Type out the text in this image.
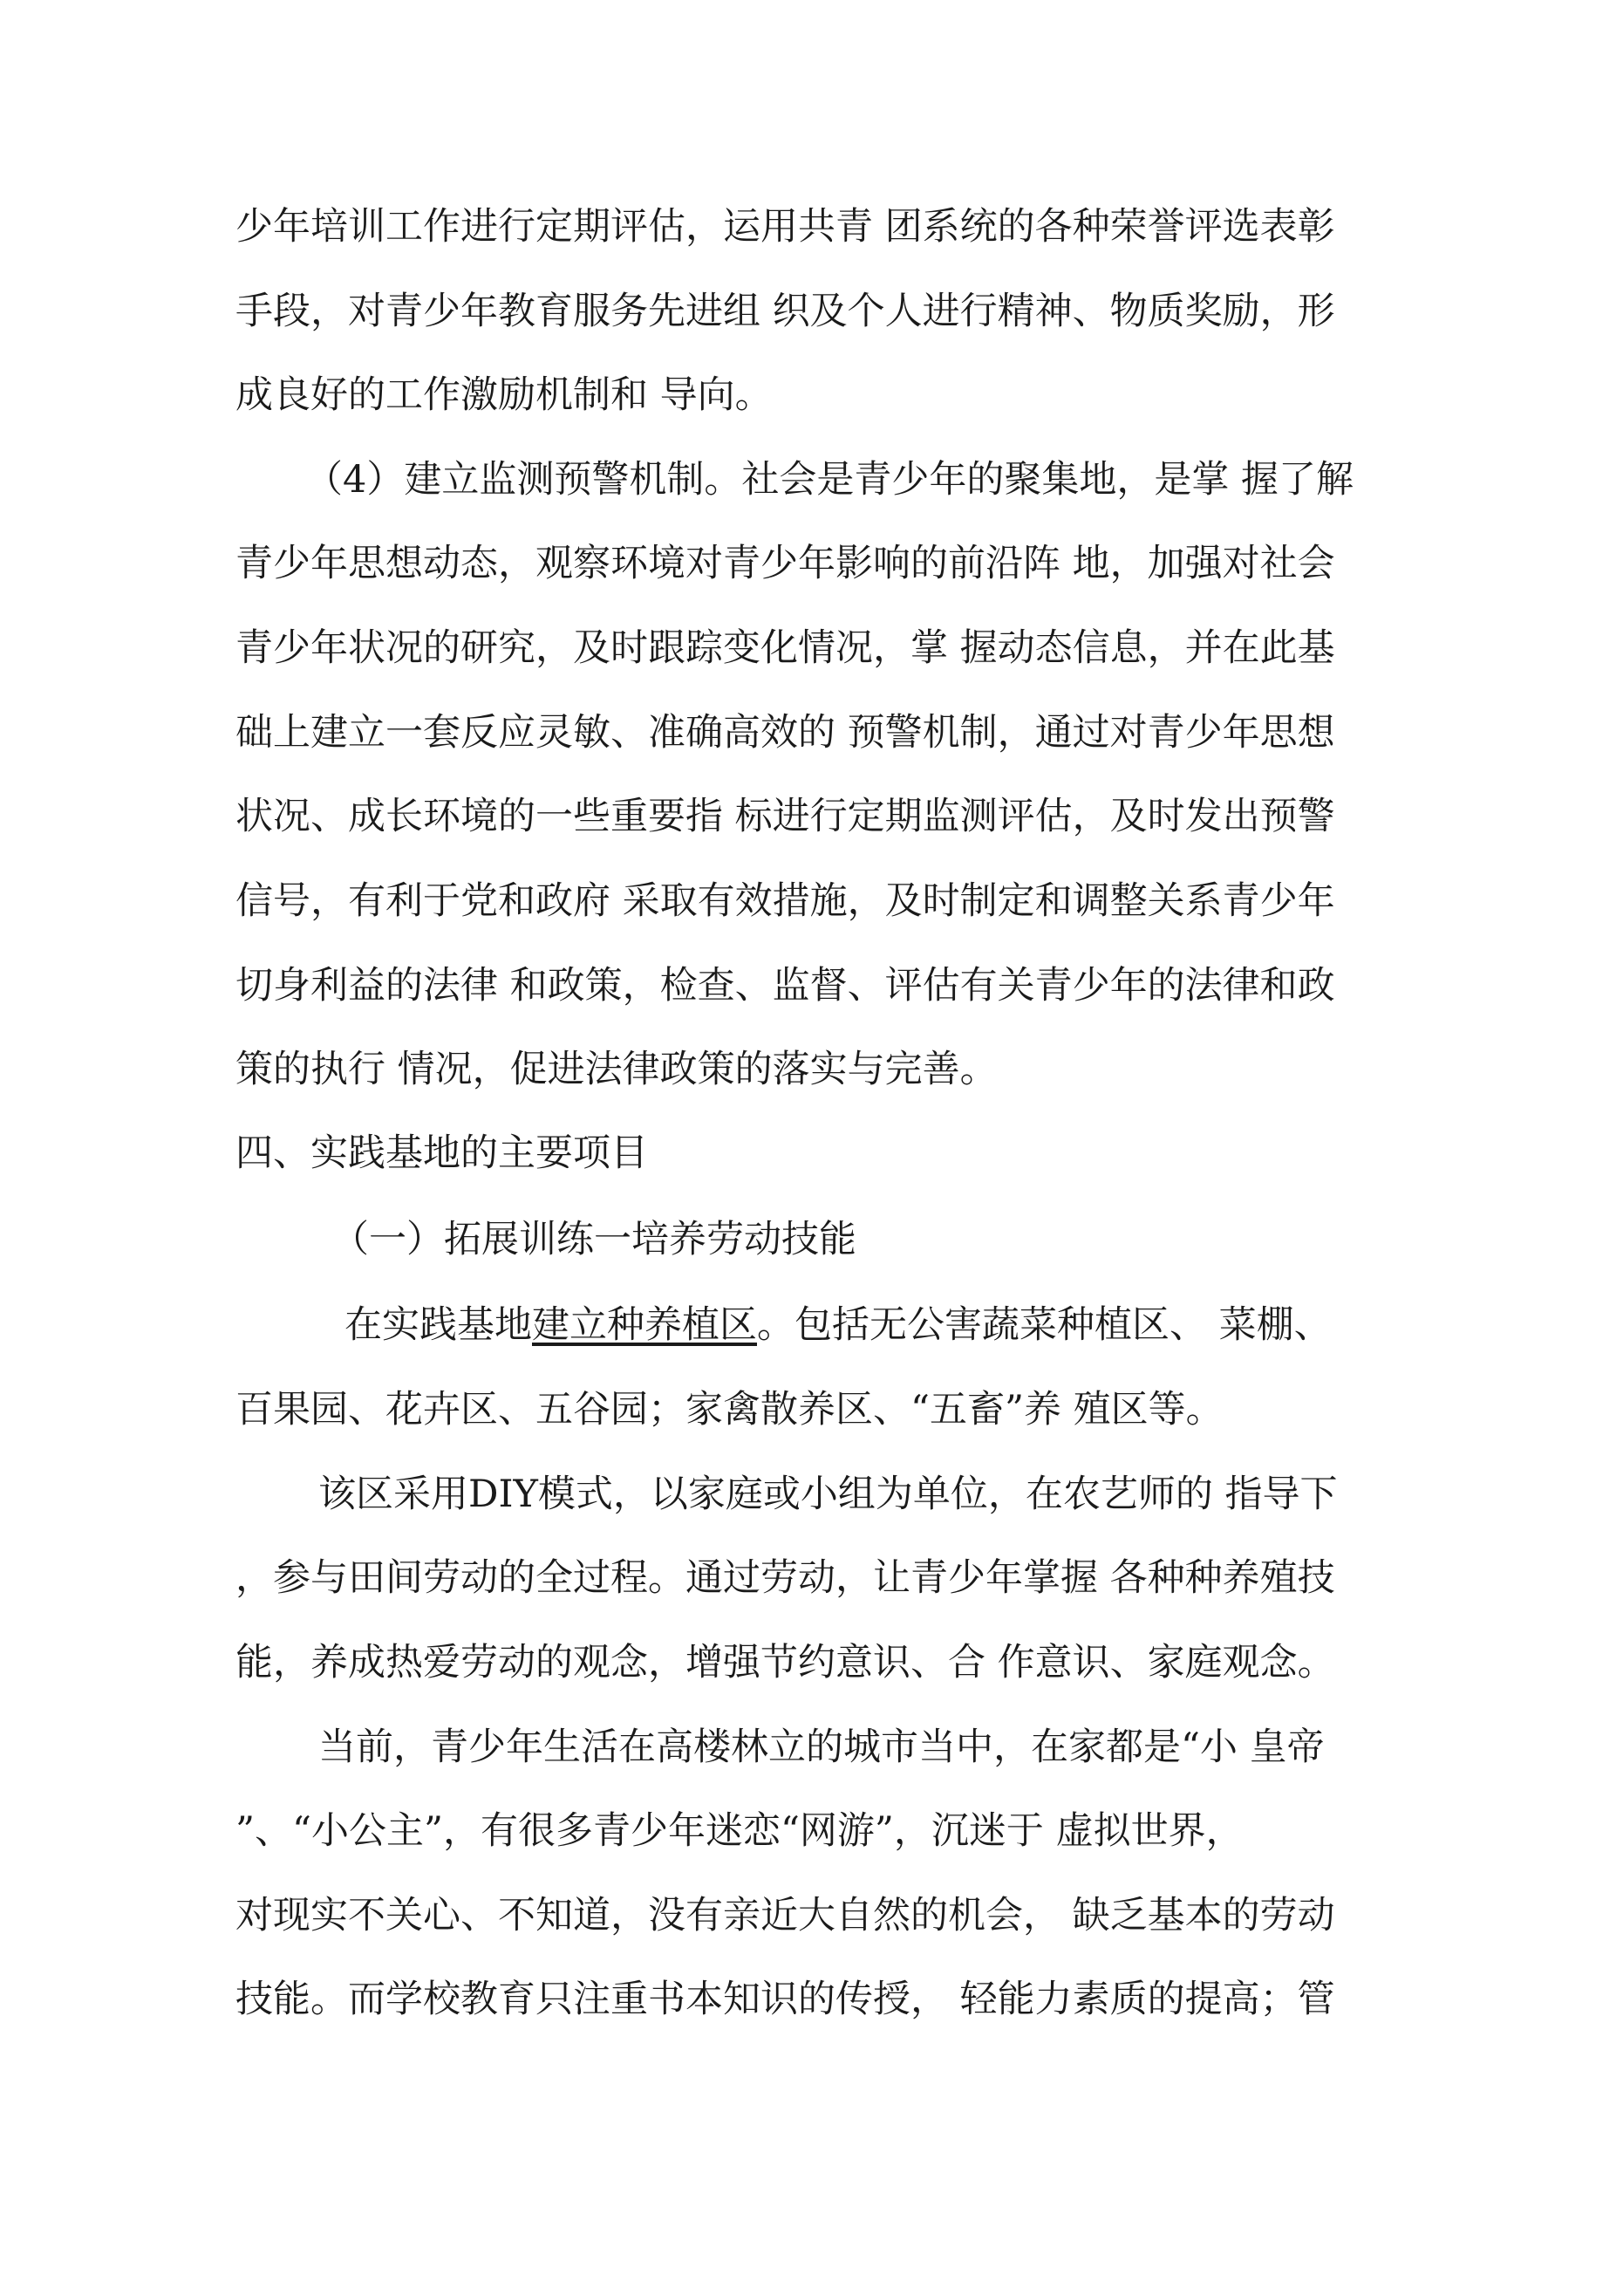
少年培训工作进行定期评估，运用共青 团系统的各种荣誉评选表彰

手段，对青少年教育服务先进组 织及个人进行精神、物质奖励，形

成良好的工作激励机制和 导向。

（4）建立监测预警机制。社会是青少年的聚集地，是掌 握了解

青少年思想动态，观察环境对青少年影响的前沿阵 地，加强对社会

青少年状况的研究，及时跟踪变化情况，掌 握动态信息，并在此基

础上建立一套反应灵敏、准确高效的 预警机制，通过对青少年思想

状况、成长环境的一些重要指 标进行定期监测评估，及时发出预警

信号，有利于党和政府 采取有效措施，及时制定和调整关系青少年

切身利益的法律 和政策，检查、监督、评估有关青少年的法律和政

策的执行 情况，促进法律政策的落实与完善。

四、实践基地的主要项目

（一）拓展训练一培养劳动技能

在实践基地建立种养植区。包括无公害蔬菜种植区、 菜棚、

百果园、花卉区、五谷园；家禽散养区、“五畜”养 殖区等。

该区采用DIY模式，以家庭或小组为单位，在农艺师的 指导下

，参与田间劳动的全过程。通过劳动，让青少年掌握 各种种养殖技

能，养成热爱劳动的观念，增强节约意识、合 作意识、家庭观念。

当前，青少年生活在高楼林立的城市当中，在家都是“小 皇帝

”、“小公主”，有很多青少年迷恋“网游”，沉迷于 虚拟世界，

对现实不关心、不知道，没有亲近大自然的机会， 缺乏基本的劳动

技能。而学校教育只注重书本知识的传授， 轻能力素质的提高；管
